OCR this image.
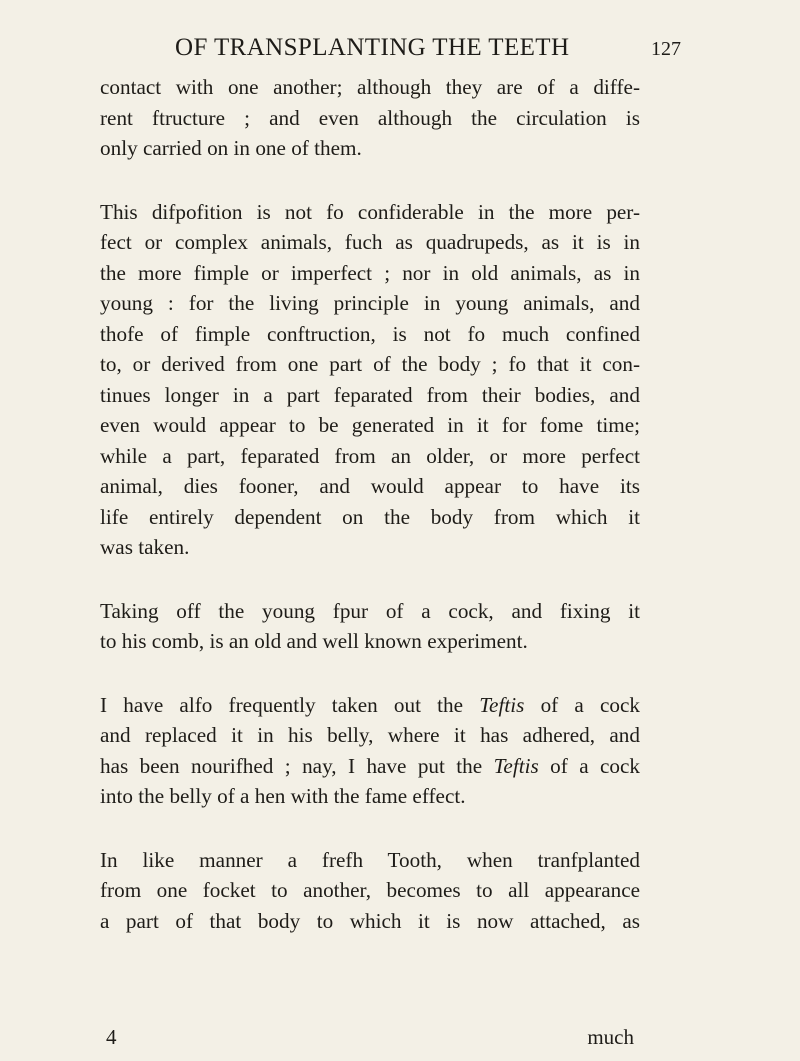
OF TRANSPLANTING THE TEETH	127

contact with one another; although they are of a diffe-
rent ftructure ; and even although the circulation is
only carried on in one of them.

This difpofition is not fo confiderable in the more per-
fect or complex animals, fuch as quadrupeds, as it is in
the more fimple or imperfect ; nor in old animals, as in
young : for the living principle in young animals, and
thofe of fimple conftruction, is not fo much confined
to, or derived from one part of the body ; fo that it con-
tinues longer in a part feparated from their bodies, and
even would appear to be generated in it for fome time;
while a part, feparated from an older, or more perfect
animal, dies fooner, and would appear to have its
life entirely dependent on the body from which it
was taken.

Taking off the young fpur of a cock, and fixing it
to his comb, is an old and well known experiment.

I have alfo frequently taken out the Teftis of a cock
and replaced it in his belly, where it has adhered, and
has been nourifhed ; nay, I have put the Teftis of a cock
into the belly of a hen with the fame effect.

In like manner a frefh Tooth, when tranfplanted
from one focket to another, becomes to all appearance
a part of that body to which it is now attached, as

4	much
